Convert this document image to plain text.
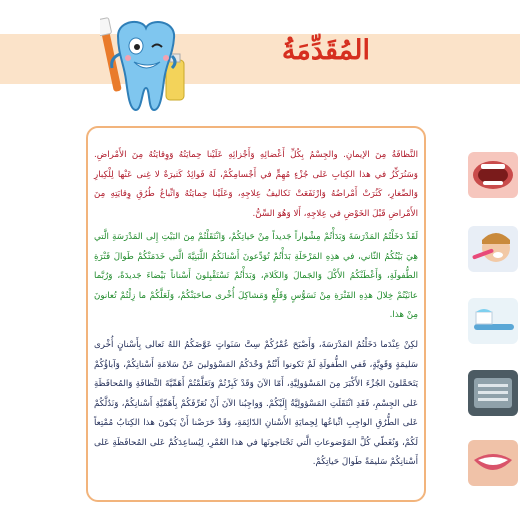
المُقَدِّمَةُ
النَّظافَةُ مِنَ الإيمانِ. والجِسْمُ بِكُلِّ أَعْضائِهِ وَأَجْزائِهِ عَلَيْنا حِمايَتُهُ وَوِقايَتُهُ مِنَ الأَمْراضِ. وَسَنُرَكِّزُ في هذا الكِتابِ عَلى جُزْءٍ مُهِمٍّ في أَجْسامِكُمْ، لَهُ فَوائِدُ كَثيرَةٌ لا غِنى عَنْها لِلْكِبارِ وَالصِّغارِ، كَثُرَتْ أَمْراضُهُ وَارْتَفَعَتْ تَكاليفُ عِلاجِهِ، وَعَلَيْنا حِمايَتُهُ وَاتِّباعُ طُرُقِ وِقايَتِهِ مِنَ الأَمْراضِ قَبْلَ الخَوْضِ في عِلاجِهِ، أَلا وَهُوَ السِّنُّ.
لَقَدْ دَخَلْتُمُ المَدْرَسَةَ وَبَدَأْتُمْ مِشْواراً جَديداً مِنْ حَياتِكُمْ، وَانْتَقَلْتُمْ مِنَ البَيْتِ إِلى المَدْرَسَةِ الَّتي هِيَ بَيْتُكُمُ الثّاني، في هذِهِ المَرْحَلَةِ بَدَأْتُمْ تُوَدِّعونَ أَسْنانَكُمُ اللَّبَنِيَّةَ الَّتي خَدَمَتْكُمْ طَوالَ فَتْرَةِ الطُّفولَةِ، وَأَعْطَتْكُمُ الأَكْلَ وَالجَمالَ وَالكَلامَ، وَبَدَأْتُمْ تَسْتَقْبِلونَ أَسْناناً بَيْضاءَ جَديدَةً، وَرُبَّما عانَيْتُمْ خِلالَ هذِهِ الفَتْرَةِ مِنْ تَسَوُّسٍ وَقَلْعٍ وَمَشاكِلَ أُخْرى صاحَبَتْكُمْ، وَلَعَلَّكُمْ ما زِلْتُمْ تُعانونَ مِنْ هذا.
لكِنْ عِنْدَما دَخَلْتُمُ المَدْرَسَةَ، وَأَصْبَحَ عُمْرُكُمْ سِتَّ سَنَواتٍ عَوَّضَكُمُ اللهُ تَعالى بِأَسْنانٍ أُخْرى سَليمَةٍ وَقَوِيَّةٍ، فَفي الطُّفولَةِ لَمْ تَكونوا أَنْتُمْ وَحْدَكُمُ المَسْؤولينَ عَنْ سَلامَةِ أَسْنانِكُمْ، وَآباؤُكُمْ يَتَحَمَّلونَ الجُزْءَ الأَكْبَرَ مِنَ المَسْؤولِيَّةِ، أَمّا الآنَ وَقَدْ كَبِرْتُمْ وَتَعَلَّمْتُمْ أَهَمِّيَّةَ النَّظافَةِ وَالمُحافَظَةِ عَلى الجِسْمِ، فَقَدِ انْتَقَلَتِ المَسْؤولِيَّةُ إِلَيْكُمْ. وَواجِبُنا الآنَ أَنْ نُعَرِّفَكُمْ بِأَهَمِّيَّةِ أَسْنانِكُمْ، وَنَدُلَّكُمْ عَلى الطُّرُقِ الواجِبِ اتِّباعُها لِحِمايَةِ الأَسْنانِ الدّائِمَةِ، وَقَدْ حَرَصْنا أَنْ يَكونَ هذا الكِتابُ مُمْتِعاً لَكُمْ، وَنُغَطّي كُلَّ المَوْضوعاتِ الَّتي تَحْتاجونَها في هذا العُمْرِ، لِيُساعِدَكُمْ عَلى المُحافَظَةِ عَلى أَسْنانِكُمْ سَليمَةً طَوالَ حَياتِكُمْ.
